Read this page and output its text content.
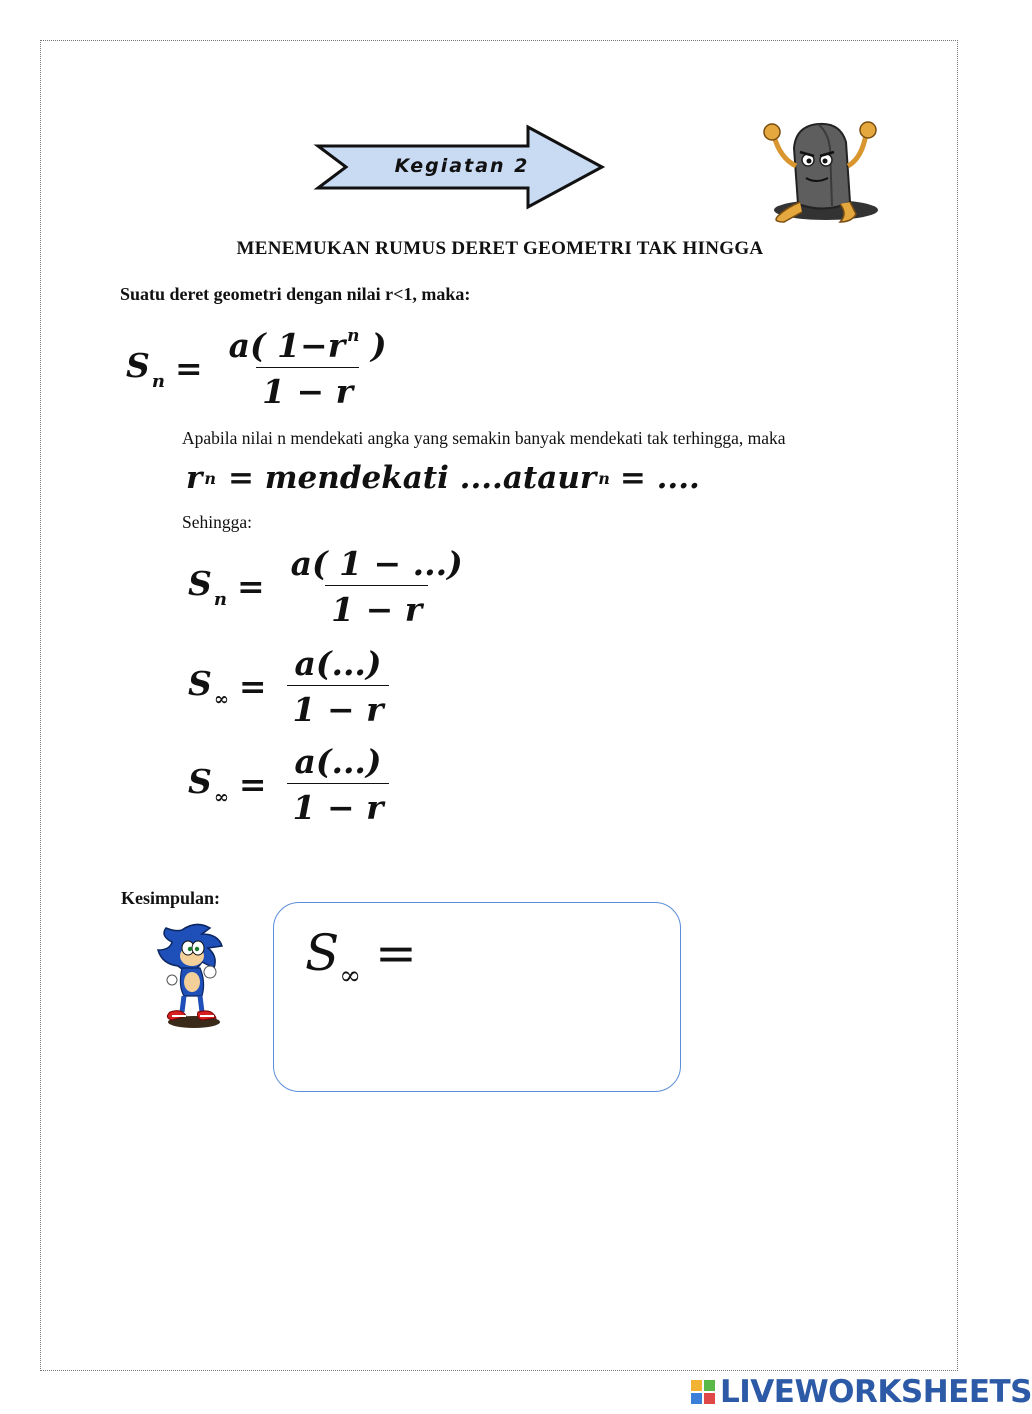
Kegiatan 2
MENEMUKAN RUMUS DERET GEOMETRI TAK HINGGA
Suatu deret geometri dengan nilai r<1, maka:
S $_n = \frac{a( 1-r ^n )}{1 - r}$
Apabila nilai n mendekati angka yang semakin banyak mendekati tak terhingga, maka
r n = mendekati ....atau r n = ....
Sehingga:
S $_n = \frac{a( 1 - ...)}{1 - r}$
S $_\infty = \frac{a(...)}{1 - r}$
S $_\infty = \frac{a(...)}{1 - r}$
Kesimpulan:
$S_\infty$ =
LIVEWORKSHEETS
